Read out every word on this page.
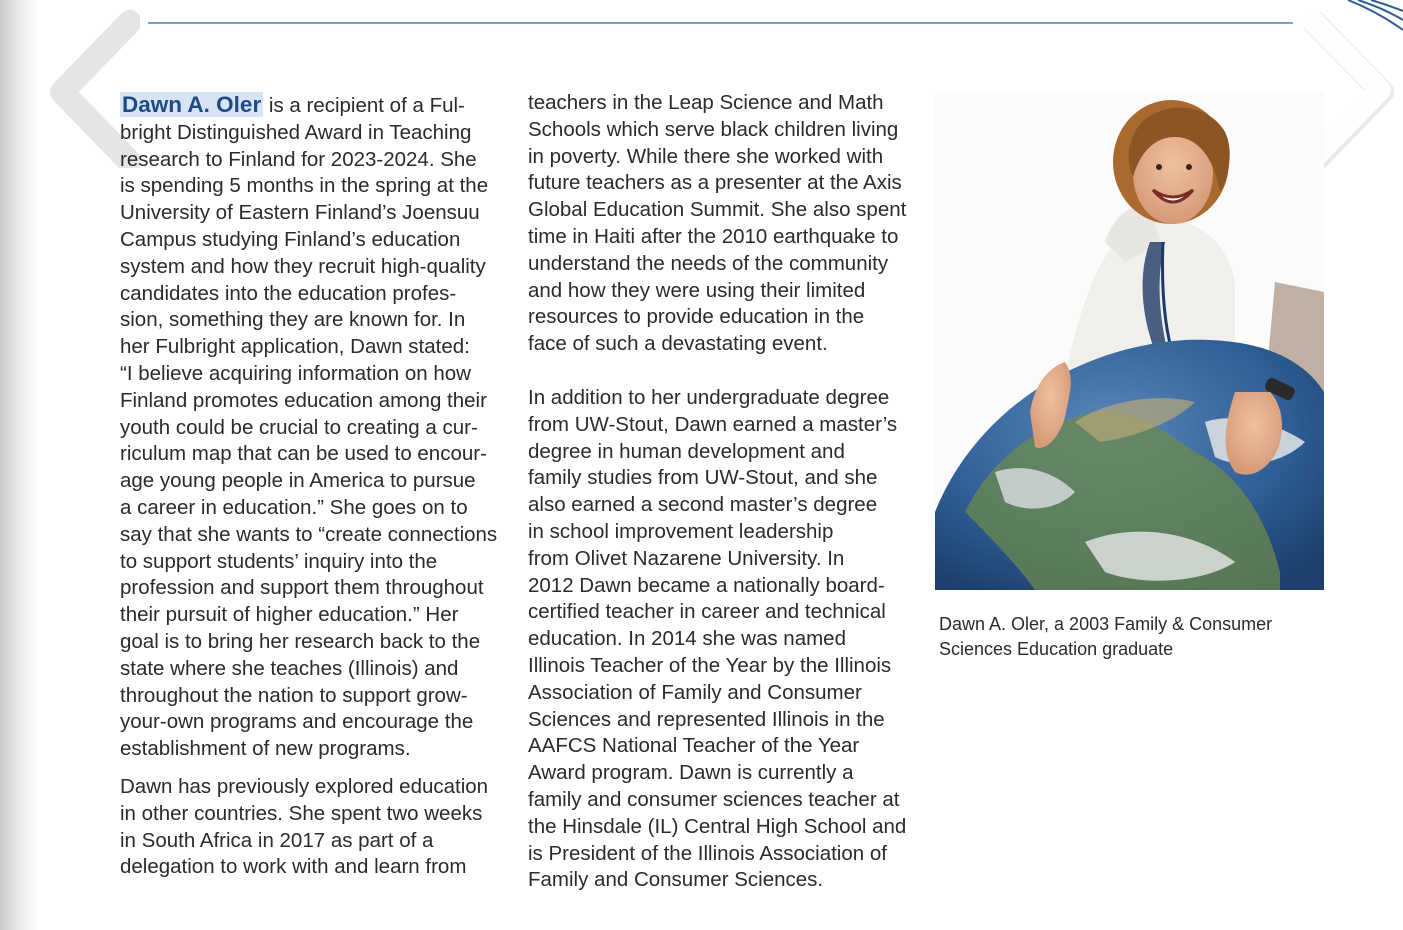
Dawn A. Oler is a recipient of a Ful-
bright Distinguished Award in Teaching
research to Finland for 2023-2024. She
is spending 5 months in the spring at the
University of Eastern Finland’s Joensuu
Campus studying Finland’s education
system and how they recruit high-quality
candidates into the education profes-
sion, something they are known for. In
her Fulbright application, Dawn stated:
“I believe acquiring information on how
Finland promotes education among their
youth could be crucial to creating a cur-
riculum map that can be used to encour-
age young people in America to pursue
a career in education.” She goes on to
say that she wants to “create connections
to support students’ inquiry into the
profession and support them throughout
their pursuit of higher education.” Her
goal is to bring her research back to the
state where she teaches (Illinois) and
throughout the nation to support grow-
your-own programs and encourage the
establishment of new programs.

Dawn has previously explored education
in other countries. She spent two weeks
in South Africa in 2017 as part of a
delegation to work with and learn from

teachers in the Leap Science and Math
Schools which serve black children living
in poverty. While there she worked with
future teachers as a presenter at the Axis
Global Education Summit. She also spent
time in Haiti after the 2010 earthquake to
understand the needs of the community
and how they were using their limited
resources to provide education in the
face of such a devastating event.

In addition to her undergraduate degree
from UW-Stout, Dawn earned a master’s
degree in human development and
family studies from UW-Stout, and she
also earned a second master’s degree
in school improvement leadership
from Olivet Nazarene University. In
2012 Dawn became a nationally board-
certified teacher in career and technical
education. In 2014 she was named
Illinois Teacher of the Year by the Illinois
Association of Family and Consumer
Sciences and represented Illinois in the
AAFCS National Teacher of the Year
Award program. Dawn is currently a
family and consumer sciences teacher at
the Hinsdale (IL) Central High School and
is President of the Illinois Association of
Family and Consumer Sciences.

Dawn A. Oler, a 2003 Family & Consumer
Sciences Education graduate
